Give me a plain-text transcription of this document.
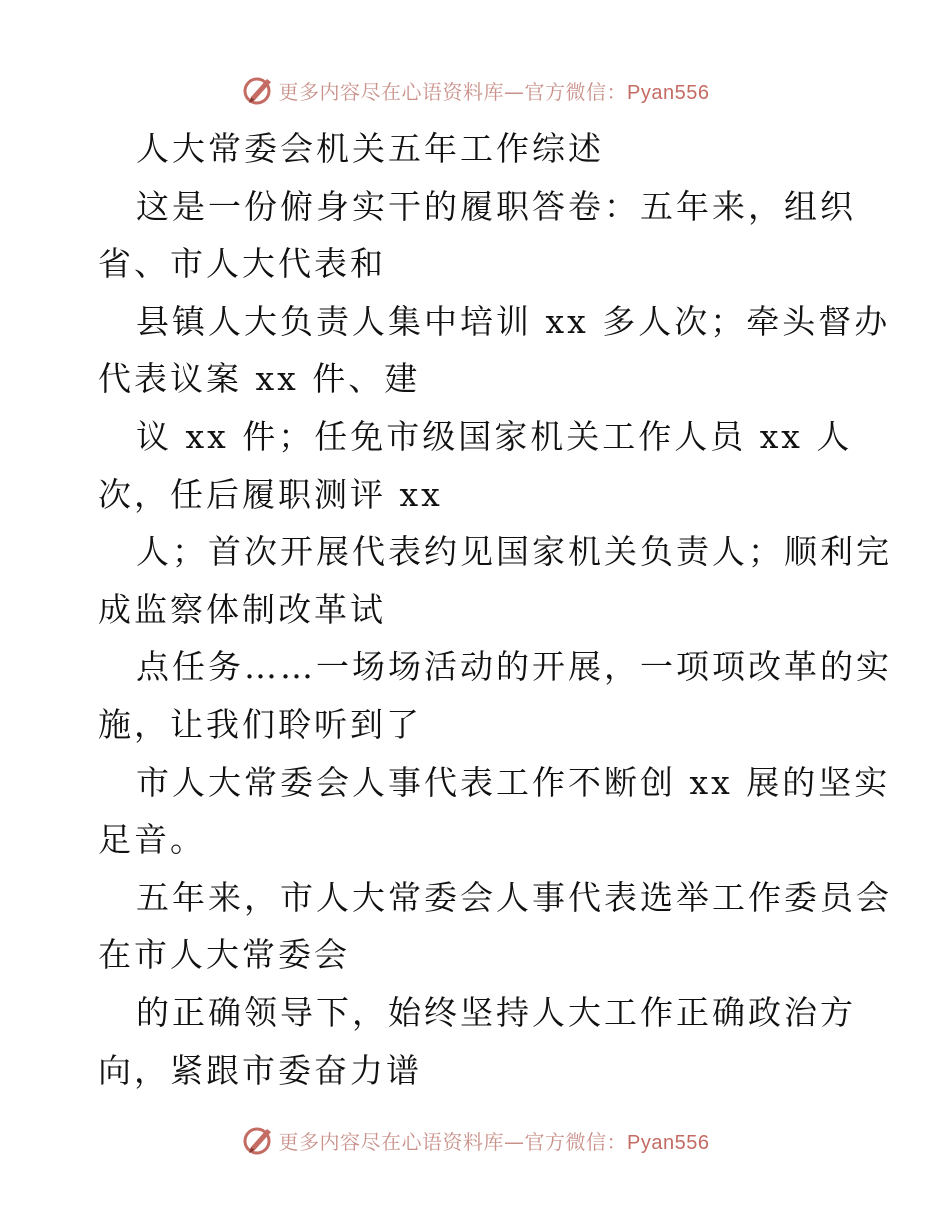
更多内容尽在心语资料库—官方微信：Pyan556
人大常委会机关五年工作综述
这是一份俯身实干的履职答卷：五年来，组织
省、市人大代表和
县镇人大负责人集中培训 xx 多人次；牵头督办
代表议案 xx 件、建
议 xx 件；任免市级国家机关工作人员 xx 人
次，任后履职测评 xx
人；首次开展代表约见国家机关负责人；顺利完
成监察体制改革试
点任务……一场场活动的开展，一项项改革的实
施，让我们聆听到了
市人大常委会人事代表工作不断创 xx 展的坚实
足音。
五年来，市人大常委会人事代表选举工作委员会
在市人大常委会
的正确领导下，始终坚持人大工作正确政治方
向，紧跟市委奋力谱
更多内容尽在心语资料库—官方微信：Pyan556
